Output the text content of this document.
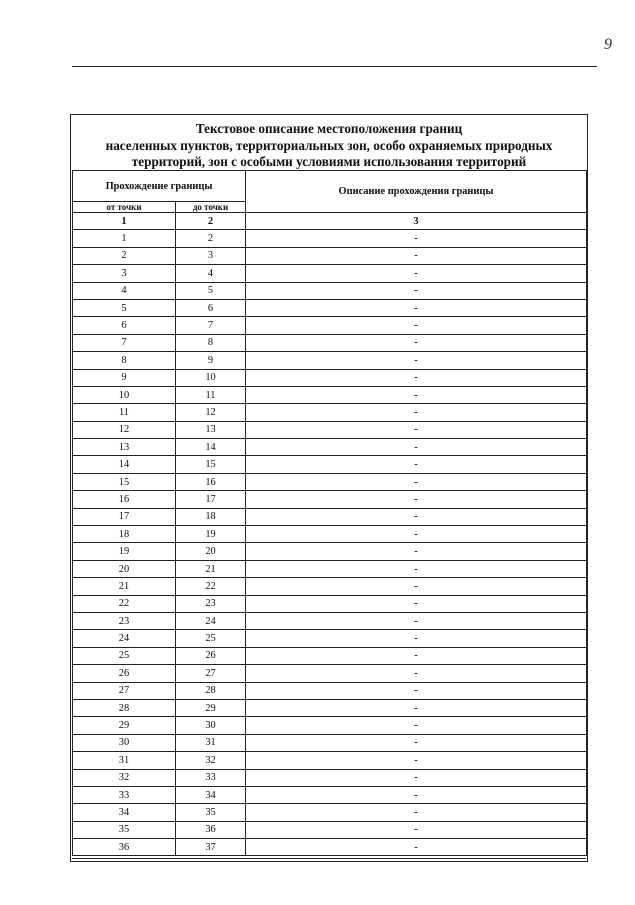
9
Текстовое описание местоположения границ
населенных пунктов, территориальных зон, особо охраняемых природных
территорий, зон с особыми условиями использования территорий
Прохождение границы		Описание прохождения границы
от точки	до точки	
1	2	3
1	2	-
2	3	-
3	4	-
4	5	-
5	6	-
6	7	-
7	8	-
8	9	-
9	10	-
10	11	-
11	12	-
12	13	-
13	14	-
14	15	-
15	16	-
16	17	-
17	18	-
18	19	-
19	20	-
20	21	-
21	22	-
22	23	-
23	24	-
24	25	-
25	26	-
26	27	-
27	28	-
28	29	-
29	30	-
30	31	-
31	32	-
32	33	-
33	34	-
34	35	-
35	36	-
36	37	-
